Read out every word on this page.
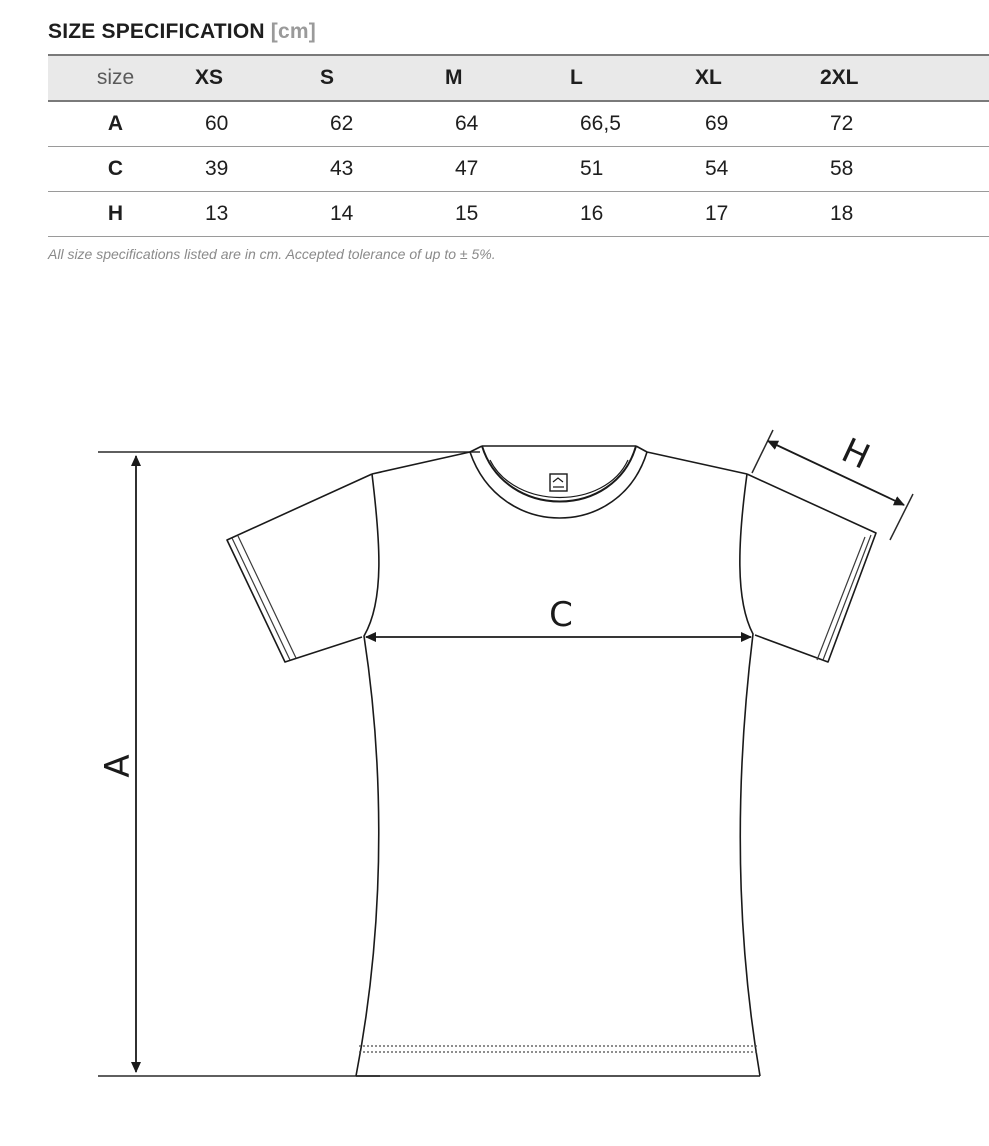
SIZE SPECIFICATION [cm]
size	XS	S	M	L	XL	2XL
A	60	62	64	66,5	69	72
C	39	43	47	51	54	58
H	13	14	15	16	17	18
All size specifications listed are in cm. Accepted tolerance of up to ± 5%.
A
C
H
